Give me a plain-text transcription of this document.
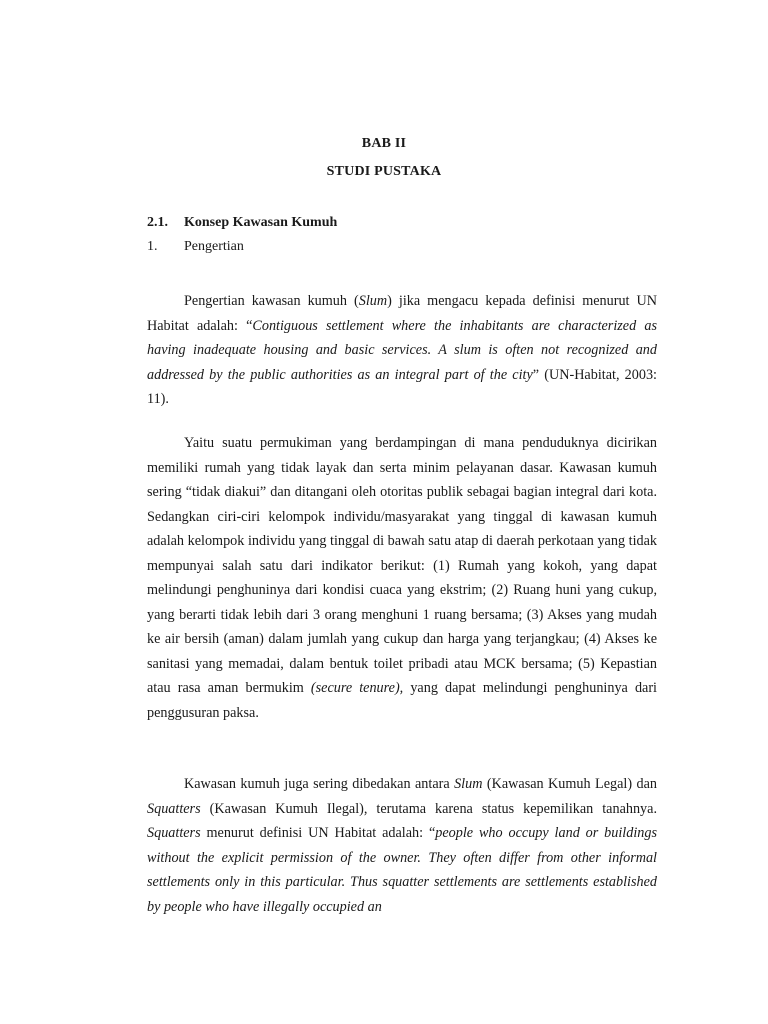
BAB II
STUDI PUSTAKA
2.1. Konsep Kawasan Kumuh
1. Pengertian

Pengertian kawasan kumuh (Slum) jika mengacu kepada definisi menurut UN Habitat adalah: “Contiguous settlement where the inhabitants are characterized as having inadequate housing and basic services. A slum is often not recognized and addressed by the public authorities as an integral part of the city” (UN-Habitat, 2003: 11).

Yaitu suatu permukiman yang berdampingan di mana penduduknya dicirikan memiliki rumah yang tidak layak dan serta minim pelayanan dasar. Kawasan kumuh sering “tidak diakui” dan ditangani oleh otoritas publik sebagai bagian integral dari kota. Sedangkan ciri-ciri kelompok individu/masyarakat yang tinggal di kawasan kumuh adalah kelompok individu yang tinggal di bawah satu atap di daerah perkotaan yang tidak mempunyai salah satu dari indikator berikut: (1) Rumah yang kokoh, yang dapat melindungi penghuninya dari kondisi cuaca yang ekstrim; (2) Ruang huni yang cukup, yang berarti tidak lebih dari 3 orang menghuni 1 ruang bersama; (3) Akses yang mudah ke air bersih (aman) dalam jumlah yang cukup dan harga yang terjangkau; (4) Akses ke sanitasi yang memadai, dalam bentuk toilet pribadi atau MCK bersama; (5) Kepastian atau rasa aman bermukim (secure tenure), yang dapat melindungi penghuninya dari penggusuran paksa.

Kawasan kumuh juga sering dibedakan antara Slum (Kawasan Kumuh Legal) dan Squatters (Kawasan Kumuh Ilegal), terutama karena status kepemilikan tanahnya. Squatters menurut definisi UN Habitat adalah: “people who occupy land or buildings without the explicit permission of the owner. They often differ from other informal settlements only in this particular. Thus squatter settlements are settlements established by people who have illegally occupied an
